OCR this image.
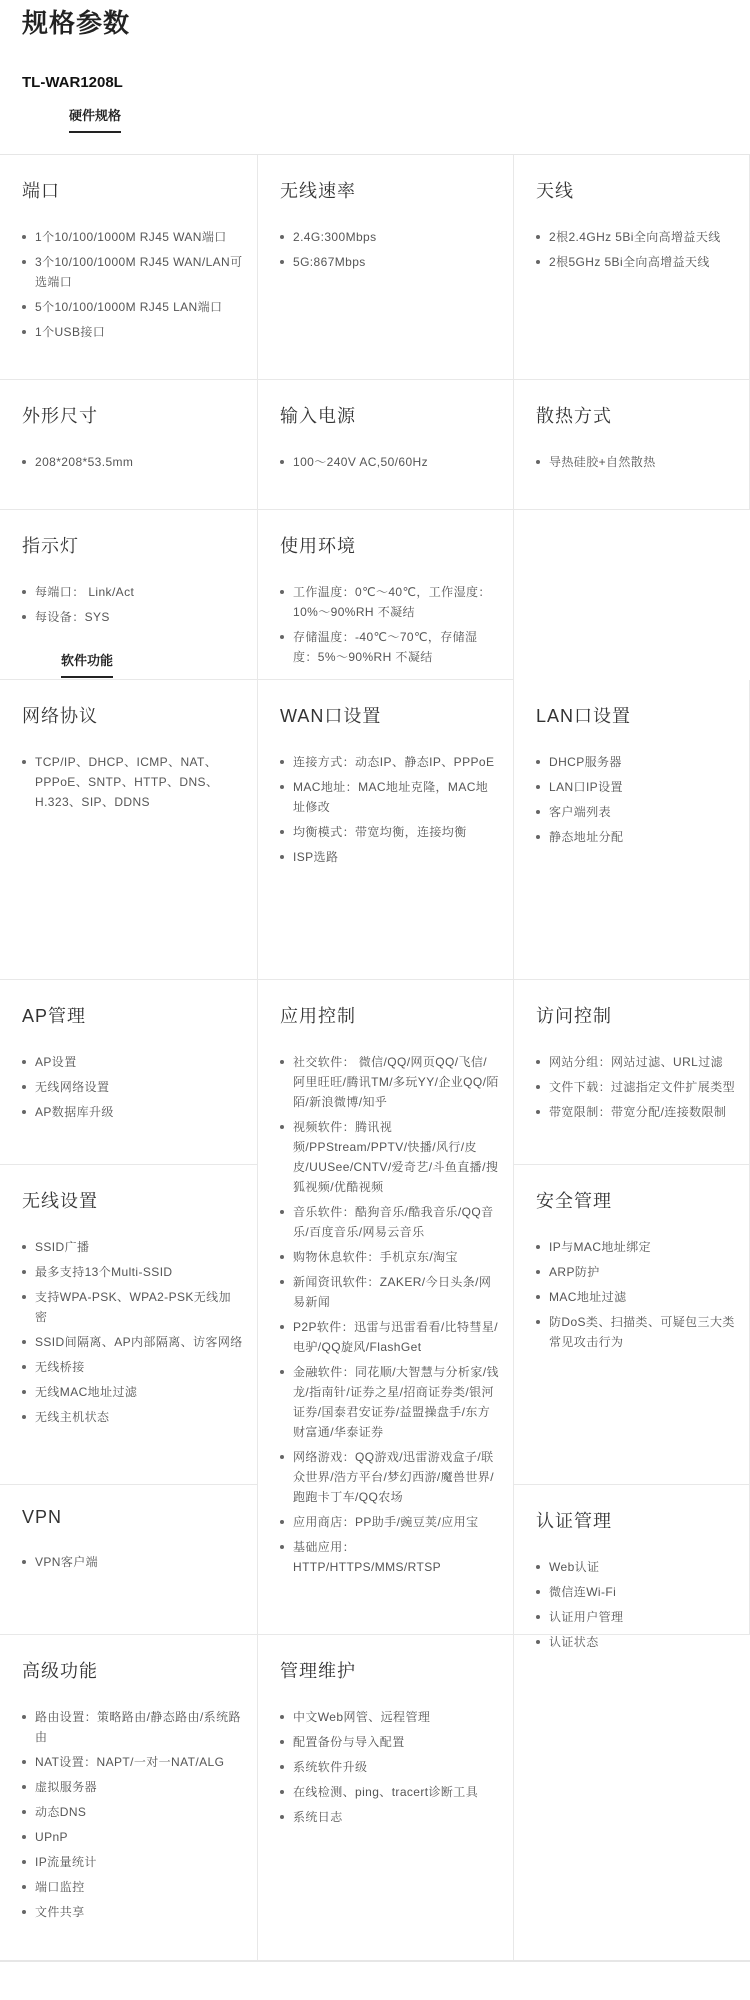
规格参数
TL-WAR1208L
硬件规格
端口
1个10/100/1000M RJ45 WAN端口
3个10/100/1000M RJ45 WAN/LAN可选端口
5个10/100/1000M RJ45 LAN端口
1个USB接口
无线速率
2.4G:300Mbps
5G:867Mbps
天线
2根2.4GHz 5Bi全向高增益天线
2根5GHz 5Bi全向高增益天线
外形尺寸
208*208*53.5mm
输入电源
100～240V AC,50/60Hz
散热方式
导热硅胶+自然散热
指示灯
每端口： Link/Act
每设备：SYS
使用环境
工作温度：0℃～40℃，工作湿度：10%～90%RH 不凝结
存储温度：-40℃～70℃，存储湿度：5%～90%RH 不凝结
软件功能
网络协议
TCP/IP、DHCP、ICMP、NAT、PPPoE、SNTP、HTTP、DNS、H.323、SIP、DDNS
WAN口设置
连接方式：动态IP、静态IP、PPPoE
MAC地址：MAC地址克隆，MAC地址修改
均衡模式：带宽均衡，连接均衡
ISP选路
LAN口设置
DHCP服务器
LAN口IP设置
客户端列表
静态地址分配
AP管理
AP设置
无线网络设置
AP数据库升级
应用控制
社交软件： 微信/QQ/网页QQ/飞信/阿里旺旺/腾讯TM/多玩YY/企业QQ/陌陌/新浪微博/知乎
视频软件：腾讯视频/PPStream/PPTV/快播/风行/皮皮/UUSee/CNTV/爱奇艺/斗鱼直播/搜狐视频/优酷视频
音乐软件：酷狗音乐/酷我音乐/QQ音乐/百度音乐/网易云音乐
购物休息软件：手机京东/淘宝
新闻资讯软件：ZAKER/今日头条/网易新闻
P2P软件：迅雷与迅雷看看/比特彗星/电驴/QQ旋风/FlashGet
金融软件：同花顺/大智慧与分析家/钱龙/指南针/证券之星/招商证券类/银河证券/国泰君安证券/益盟操盘手/东方财富通/华泰证券
网络游戏：QQ游戏/迅雷游戏盒子/联众世界/浩方平台/梦幻西游/魔兽世界/跑跑卡丁车/QQ农场
应用商店：PP助手/豌豆荚/应用宝
基础应用：HTTP/HTTPS/MMS/RTSP
访问控制
网站分组：网站过滤、URL过滤
文件下载：过滤指定文件扩展类型
带宽限制：带宽分配/连接数限制
无线设置
SSID广播
最多支持13个Multi-SSID
支持WPA-PSK、WPA2-PSK无线加密
SSID间隔离、AP内部隔离、访客网络
无线桥接
无线MAC地址过滤
无线主机状态
安全管理
IP与MAC地址绑定
ARP防护
MAC地址过滤
防DoS类、扫描类、可疑包三大类常见攻击行为
VPN
VPN客户端
认证管理
Web认证
微信连Wi-Fi
认证用户管理
认证状态
高级功能
路由设置：策略路由/静态路由/系统路由
NAT设置：NAPT/一对一NAT/ALG
虚拟服务器
动态DNS
UPnP
IP流量统计
端口监控
文件共享
管理维护
中文Web网管、远程管理
配置备份与导入配置
系统软件升级
在线检测、ping、tracert诊断工具
系统日志
